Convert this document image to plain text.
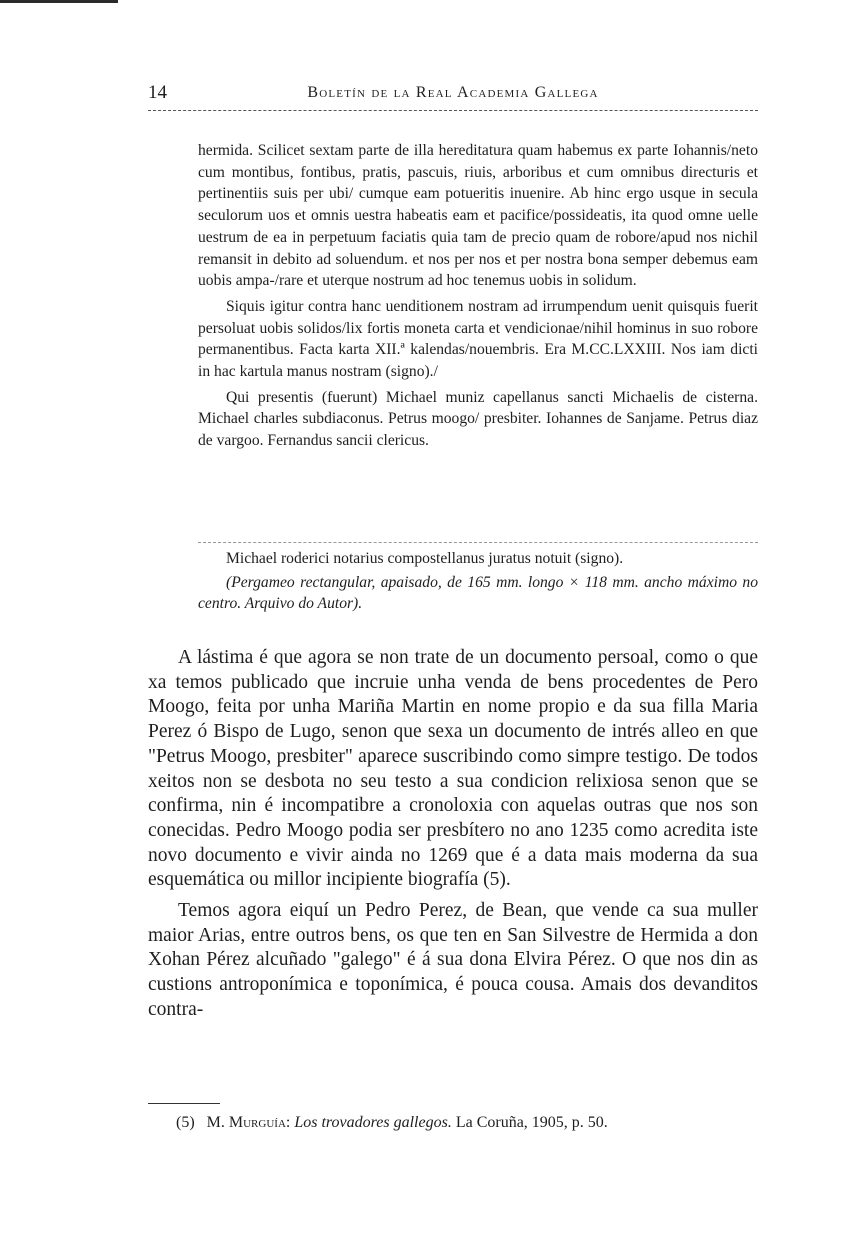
14	Boletín de la Real Academia Gallega

hermida. Scilicet sextam parte de illa hereditatura quam habemus ex parte Iohannis/neto cum montibus, fontibus, pratis, pascuis, riuis, arboribus et cum omnibus directuris et pertinentiis suis per ubi/ cumque eam potueritis inuenire. Ab hinc ergo usque in secula seculorum uos et omnis uestra habeatis eam et pacifice/possideatis, ita quod omne uelle uestrum de ea in perpetuum faciatis quia tam de precio quam de robore/apud nos nichil remansit in debito ad soluendum. et nos per nos et per nostra bona semper debemus eam uobis ampa-/rare et uterque nostrum ad hoc tenemus uobis in solidum.

Siquis igitur contra hanc uenditionem nostram ad irrumpendum uenit quisquis fuerit persoluat uobis solidos/lix fortis moneta carta et vendicionae/nihil hominus in suo robore permanentibus. Facta karta XII.ª kalendas/nouembris. Era M.CC.LXXIII. Nos iam dicti in hac kartula manus nostram (signo)./

Qui presentis (fuerunt) Michael muniz capellanus sancti Michaelis de cisterna. Michael charles subdiaconus. Petrus moogo/ presbiter. Iohannes de Sanjame. Petrus diaz de vargoo. Fernandus sancii clericus.

Michael roderici notarius compostellanus juratus notuit (signo).

(Pergameo rectangular, apaisado, de 165 mm. longo × 118 mm. ancho máximo no centro. Arquivo do Autor).

A lástima é que agora se non trate de un documento persoal, como o que xa temos publicado que incruie unha venda de bens procedentes de Pero Moogo, feita por unha Mariña Martin en nome propio e da sua filla Maria Perez ó Bispo de Lugo, senon que sexa un documento de intrés alleo en que "Petrus Moogo, presbiter" aparece suscribindo como simpre testigo. De todos xeitos non se desbota no seu testo a sua condicion relixiosa senon que se confirma, nin é incompatibre a cronoloxia con aquelas outras que nos son conecidas. Pedro Moogo podia ser presbítero no ano 1235 como acredita iste novo documento e vivir ainda no 1269 que é a data mais moderna da sua esquemática ou millor incipiente biografía (5).

Temos agora eiquí un Pedro Perez, de Bean, que vende ca sua muller maior Arias, entre outros bens, os que ten en San Silvestre de Hermida a don Xohan Pérez alcuñado "galego" é á sua dona Elvira Pérez. O que nos din as custions antroponímica e toponímica, é pouca cousa. Amais dos devanditos contra-

(5) M. Murguía: Los trovadores gallegos. La Coruña, 1905, p. 50.
